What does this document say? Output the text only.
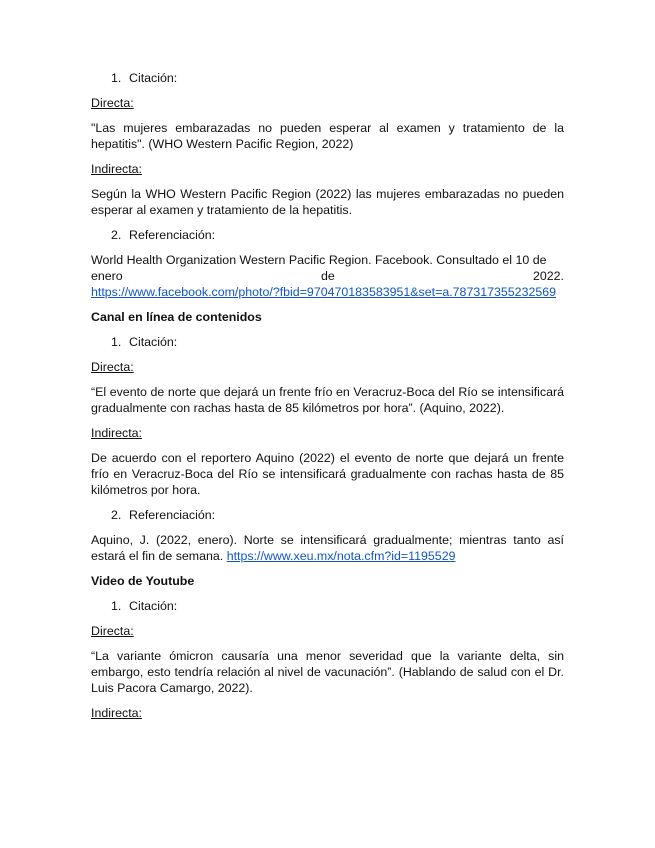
1. Citación:

Directa:

"Las mujeres embarazadas no pueden esperar al examen y tratamiento de la hepatitis". (WHO Western Pacific Region, 2022)

Indirecta:

Según la WHO Western Pacific Region (2022) las mujeres embarazadas no pueden esperar al examen y tratamiento de la hepatitis.

2. Referenciación:

World Health Organization Western Pacific Region. Facebook. Consultado el 10 de

enero	de	2022.

https://www.facebook.com/photo/?fbid=970470183583951&set=a.787317355232569

Canal en línea de contenidos

1. Citación:

Directa:

“El evento de norte que dejará un frente frío en Veracruz-Boca del Río se intensificará gradualmente con rachas hasta de 85 kilómetros por hora”. (Aquino, 2022).

Indirecta:

De acuerdo con el reportero Aquino (2022) el evento de norte que dejará un frente frío en Veracruz-Boca del Río se intensificará gradualmente con rachas hasta de 85 kilómetros por hora.

2. Referenciación:

Aquino, J. (2022, enero). Norte se intensificará gradualmente; mientras tanto así estará el fin de semana. https://www.xeu.mx/nota.cfm?id=1195529

Video de Youtube

1. Citación:

Directa:

“La variante ómicron causaría una menor severidad que la variante delta, sin embargo, esto tendría relación al nivel de vacunación”. (Hablando de salud con el Dr. Luis Pacora Camargo, 2022).

Indirecta:
